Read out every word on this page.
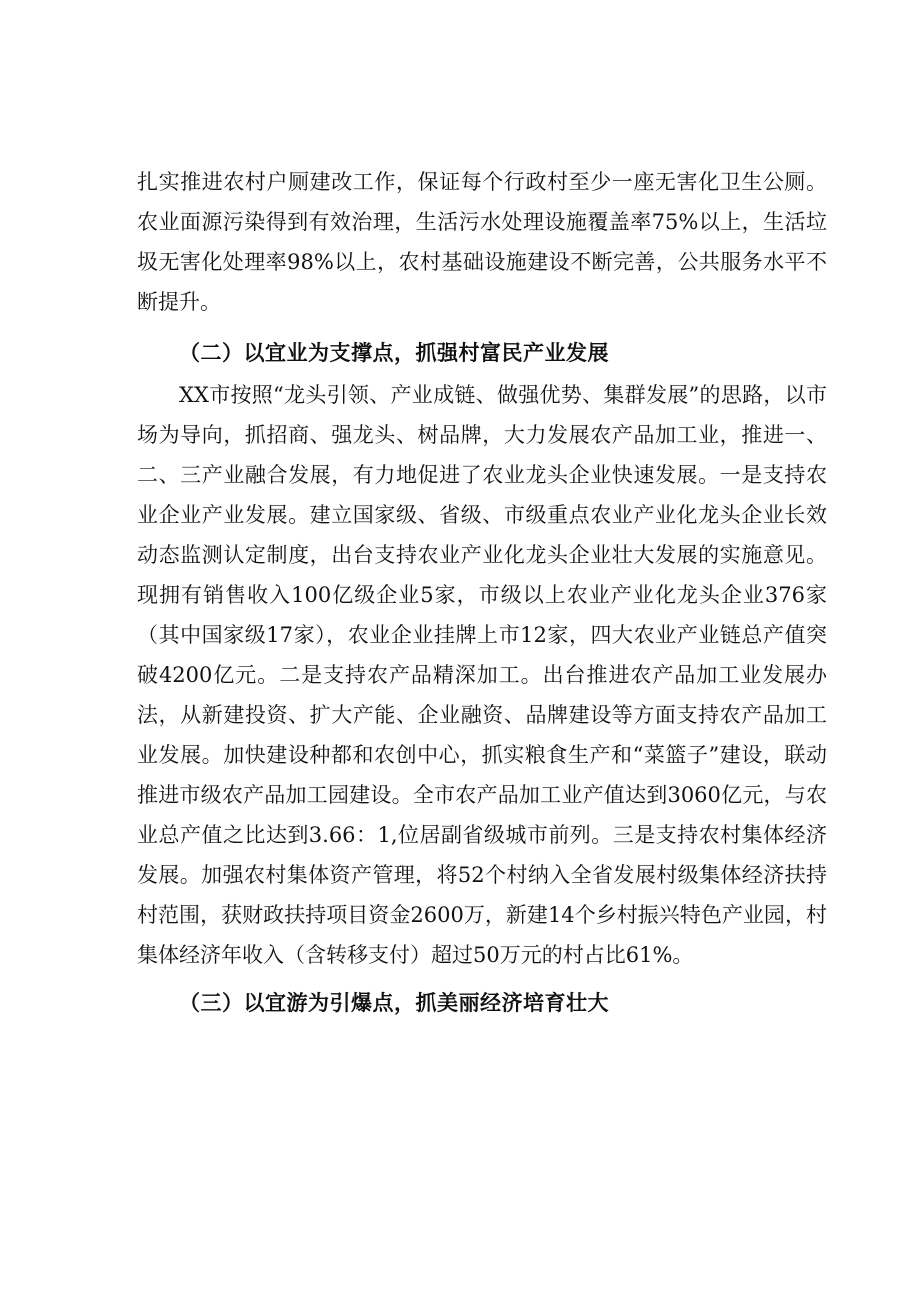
扎实推进农村户厕建改工作，保证每个行政村至少一座无害化卫生公厕。农业面源污染得到有效治理，生活污水处理设施覆盖率75%以上，生活垃圾无害化处理率98%以上，农村基础设施建设不断完善，公共服务水平不断提升。

（二）以宜业为支撑点，抓强村富民产业发展

XX市按照“龙头引领、产业成链、做强优势、集群发展”的思路，以市场为导向，抓招商、强龙头、树品牌，大力发展农产品加工业，推进一、二、三产业融合发展，有力地促进了农业龙头企业快速发展。一是支持农业企业产业发展。建立国家级、省级、市级重点农业产业化龙头企业长效动态监测认定制度，出台支持农业产业化龙头企业壮大发展的实施意见。现拥有销售收入100亿级企业5家，市级以上农业产业化龙头企业376家（其中国家级17家），农业企业挂牌上市12家，四大农业产业链总产值突破4200亿元。二是支持农产品精深加工。出台推进农产品加工业发展办法，从新建投资、扩大产能、企业融资、品牌建设等方面支持农产品加工业发展。加快建设种都和农创中心，抓实粮食生产和“菜篮子”建设，联动推进市级农产品加工园建设。全市农产品加工业产值达到3060亿元，与农业总产值之比达到3.66：1,位居副省级城市前列。三是支持农村集体经济发展。加强农村集体资产管理，将52个村纳入全省发展村级集体经济扶持村范围，获财政扶持项目资金2600万，新建14个乡村振兴特色产业园，村集体经济年收入（含转移支付）超过50万元的村占比61%。

（三）以宜游为引爆点，抓美丽经济培育壮大
